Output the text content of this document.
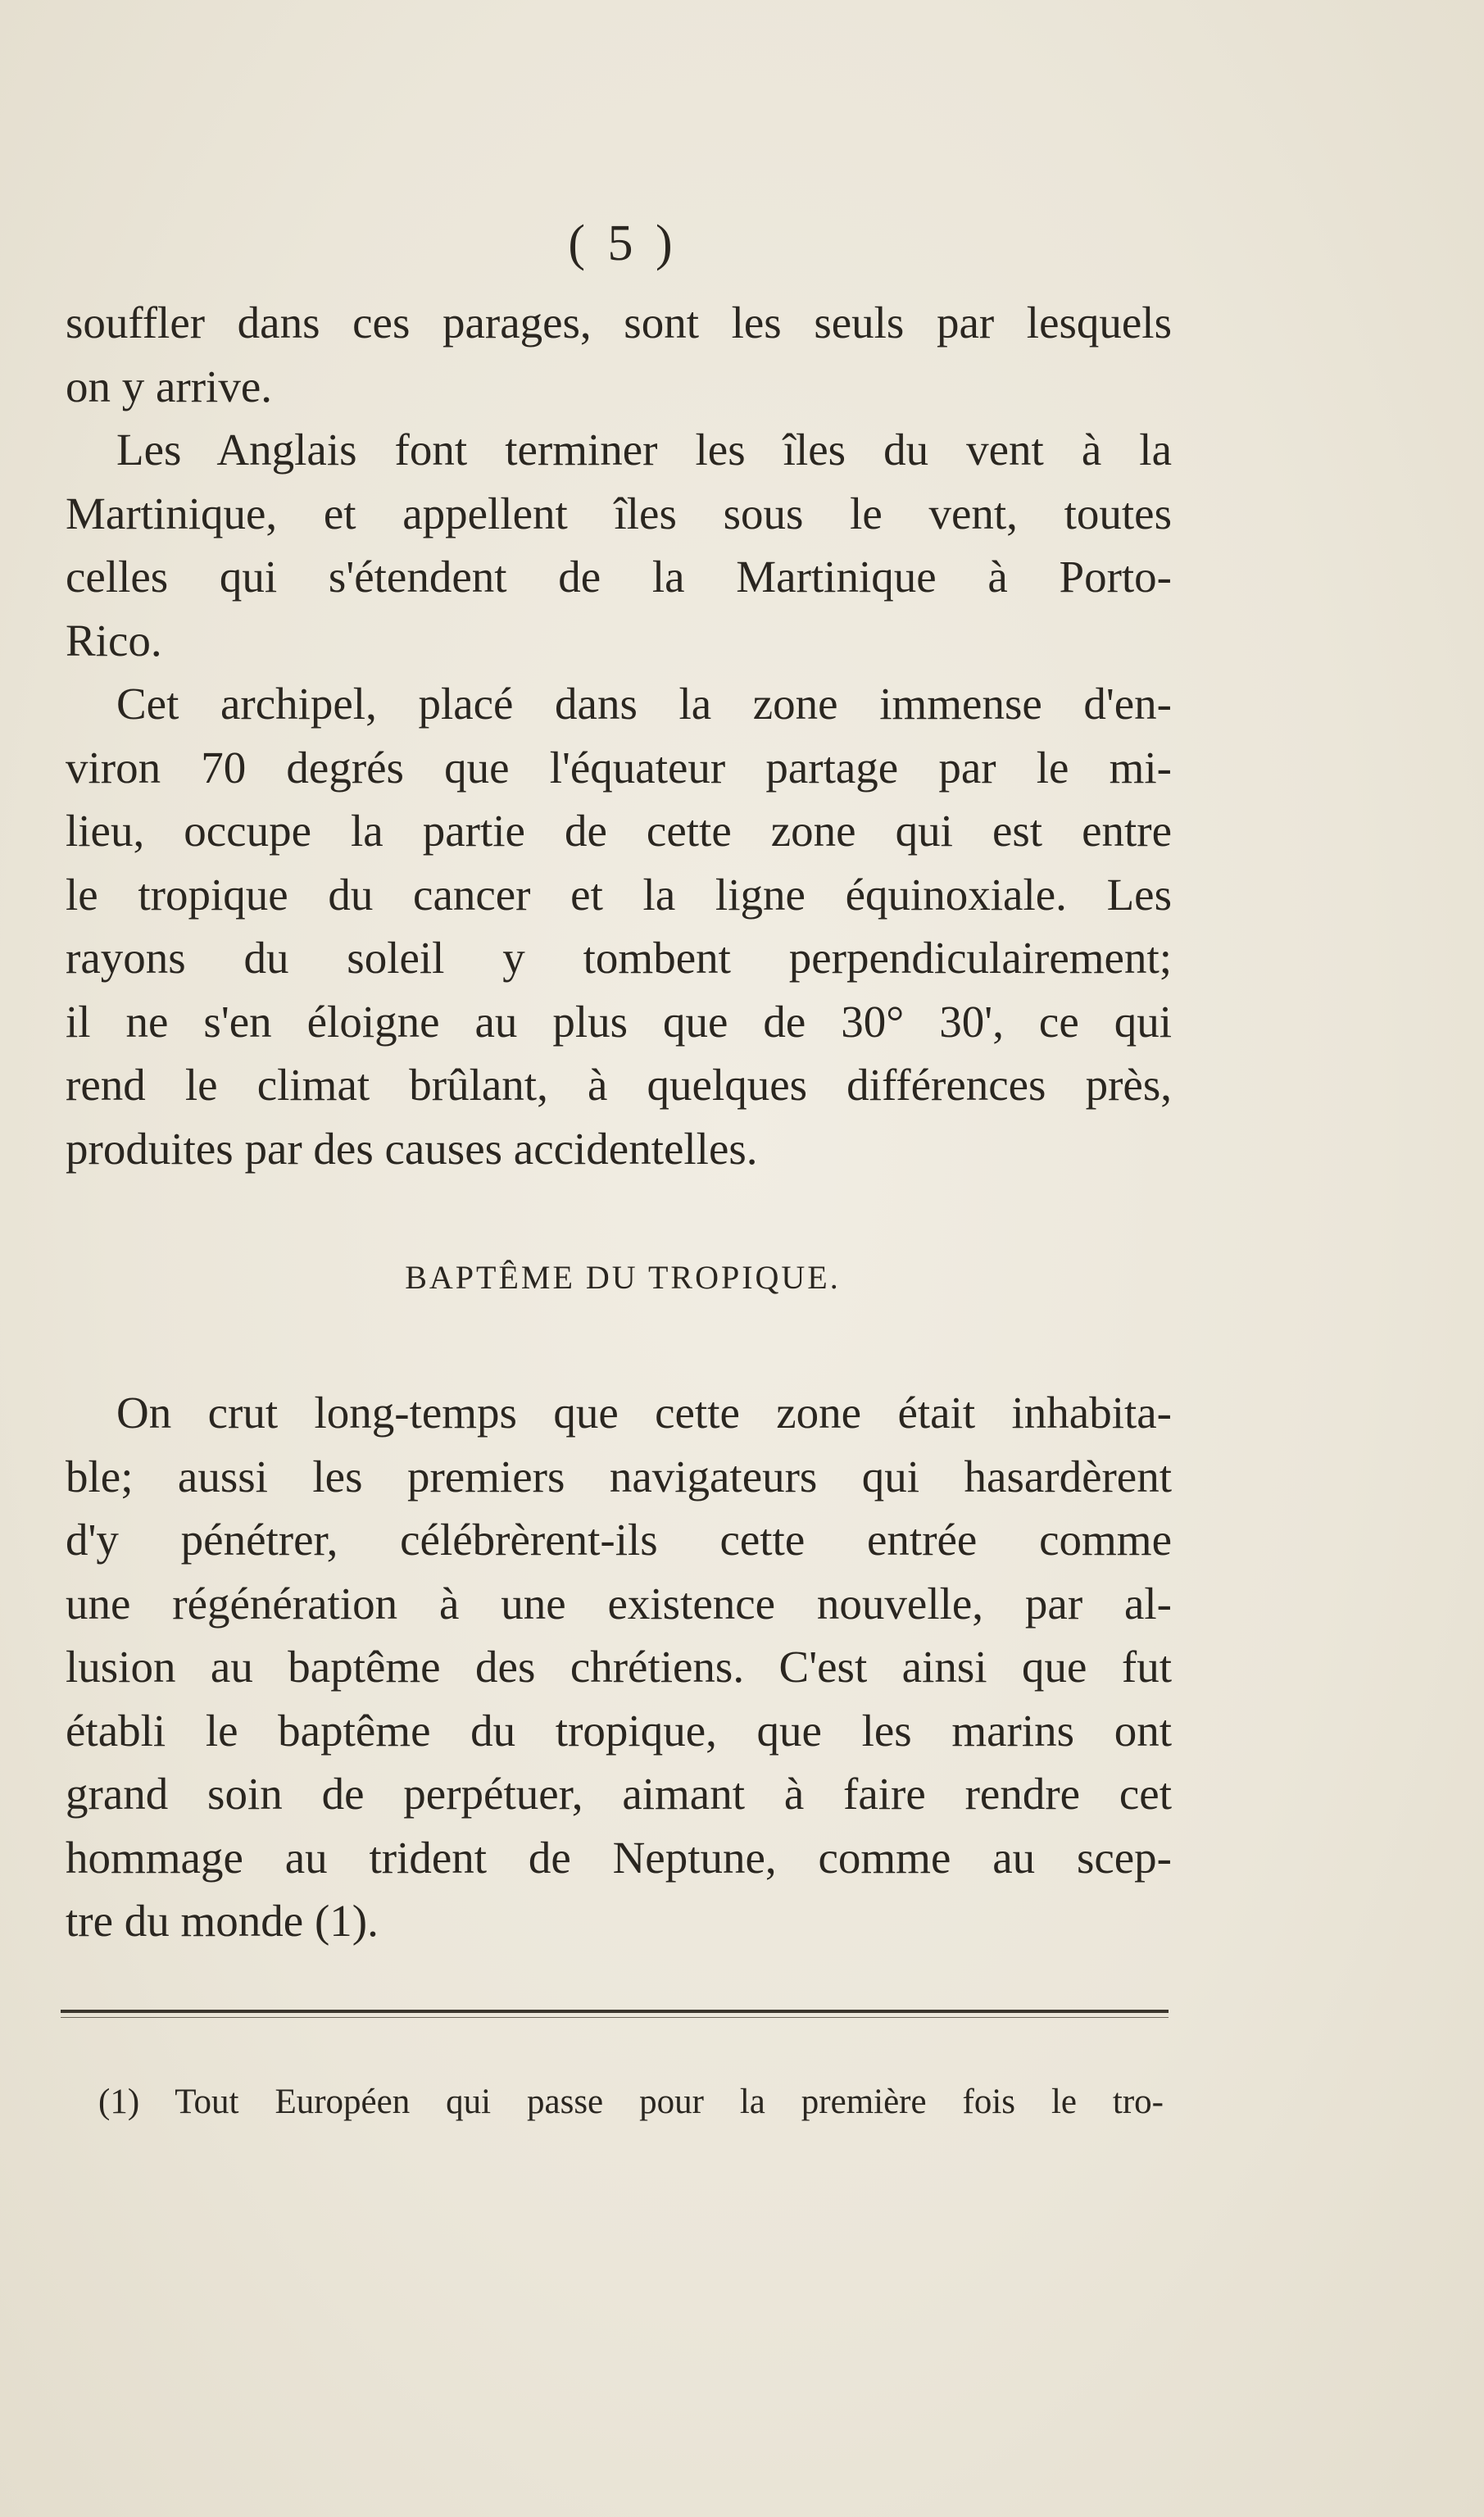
( 5 )
souffler dans ces parages, sont les seuls par lesquels
on y arrive.
Les Anglais font terminer les îles du vent à la
Martinique, et appellent îles sous le vent, toutes
celles qui s'étendent de la Martinique à Porto-
Rico.
Cet archipel, placé dans la zone immense d'en-
viron 70 degrés que l'équateur partage par le mi-
lieu, occupe la partie de cette zone qui est entre
le tropique du cancer et la ligne équinoxiale. Les
rayons du soleil y tombent perpendiculairement;
il ne s'en éloigne au plus que de 30° 30', ce qui
rend le climat brûlant, à quelques différences près,
produites par des causes accidentelles.
BAPTÊME DU TROPIQUE.
On crut long-temps que cette zone était inhabita-
ble; aussi les premiers navigateurs qui hasardèrent
d'y pénétrer, célébrèrent-ils cette entrée comme
une régénération à une existence nouvelle, par al-
lusion au baptême des chrétiens. C'est ainsi que fut
établi le baptême du tropique, que les marins ont
grand soin de perpétuer, aimant à faire rendre cet
hommage au trident de Neptune, comme au scep-
tre du monde (1).
(1) Tout Européen qui passe pour la première fois le tro-
